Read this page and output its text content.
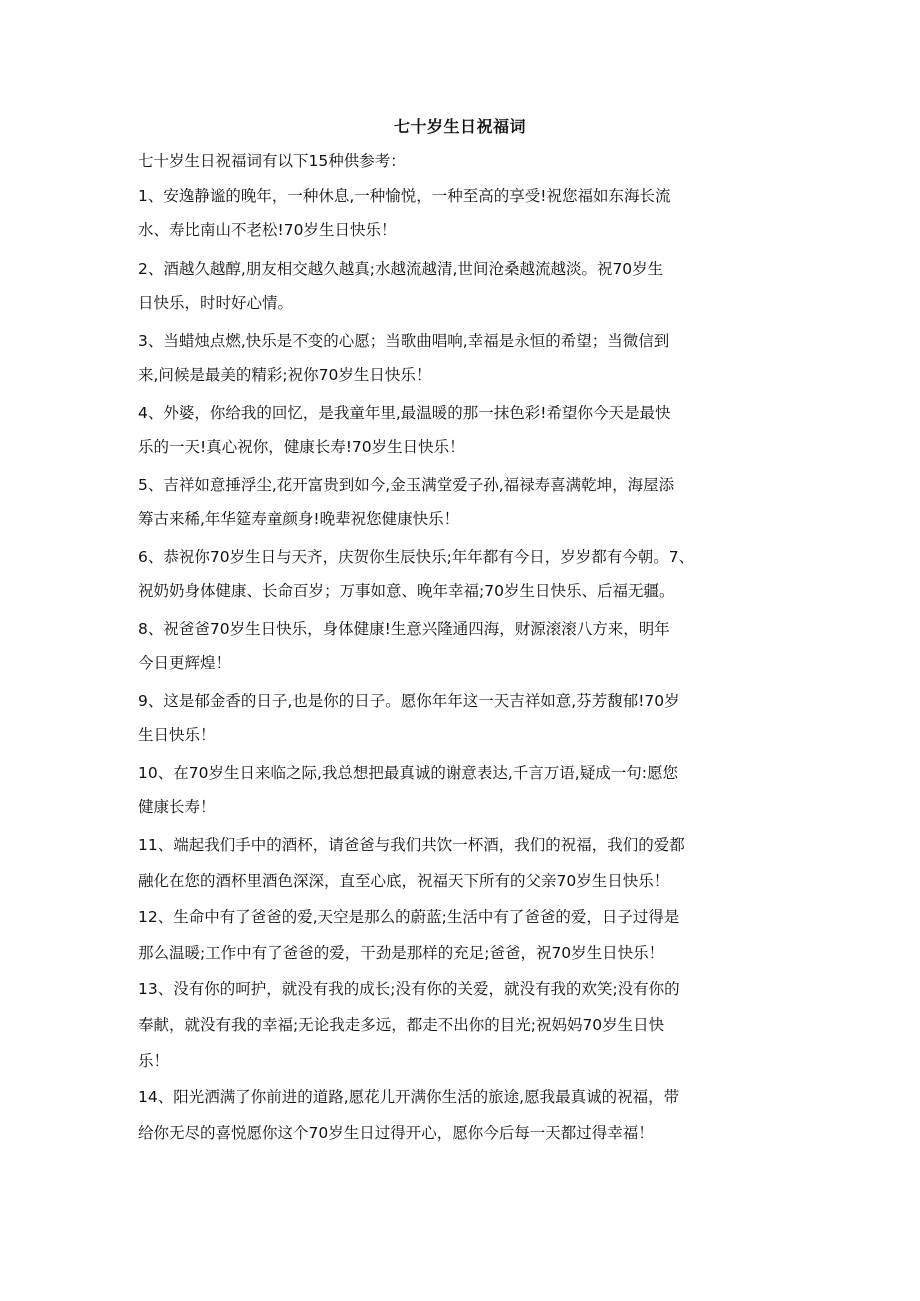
七十岁生日祝福词
七十岁生日祝福词有以下15种供参考：
1、安逸静谧的晚年，一种休息,一种愉悦，一种至高的享受!祝您福如东海长流
水、寿比南山不老松!70岁生日快乐！
2、酒越久越醇,朋友相交越久越真;水越流越清,世间沧桑越流越淡。祝70岁生
日快乐，时时好心情。
3、当蜡烛点燃,快乐是不变的心愿；当歌曲唱响,幸福是永恒的希望；当微信到
来,问候是最美的精彩;祝你70岁生日快乐！
4、外婆，你给我的回忆，是我童年里,最温暖的那一抹色彩!希望你今天是最快
乐的一天!真心祝你，健康长寿!70岁生日快乐！
5、吉祥如意捶浮尘,花开富贵到如今,金玉满堂爱子孙,福禄寿喜满乾坤，海屋添
筹古来稀,年华筵寿童颜身!晚辈祝您健康快乐！
6、恭祝你70岁生日与天齐，庆贺你生辰快乐;年年都有今日，岁岁都有今朝。7、
祝奶奶身体健康、长命百岁；万事如意、晚年幸福;70岁生日快乐、后福无疆。
8、祝爸爸70岁生日快乐，身体健康!生意兴隆通四海，财源滚滚八方来，明年
今日更辉煌！
9、这是郁金香的日子,也是你的日子。愿你年年这一天吉祥如意,芬芳馥郁!70岁
生日快乐！
10、在70岁生日来临之际,我总想把最真诚的谢意表达,千言万语,疑成一句:愿您
健康长寿！
11、端起我们手中的酒杯，请爸爸与我们共饮一杯酒，我们的祝福，我们的爱都
融化在您的酒杯里酒色深深，直至心底，祝福天下所有的父亲70岁生日快乐！
12、生命中有了爸爸的爱,天空是那么的蔚蓝;生活中有了爸爸的爱，日子过得是
那么温暖;工作中有了爸爸的爱，干劲是那样的充足;爸爸，祝70岁生日快乐！
13、没有你的呵护，就没有我的成长;没有你的关爱，就没有我的欢笑;没有你的
奉献，就没有我的幸福;无论我走多远，都走不出你的目光;祝妈妈70岁生日快
乐！
14、阳光洒满了你前进的道路,愿花儿开满你生活的旅途,愿我最真诚的祝福，带
给你无尽的喜悦愿你这个70岁生日过得开心，愿你今后每一天都过得幸福！
